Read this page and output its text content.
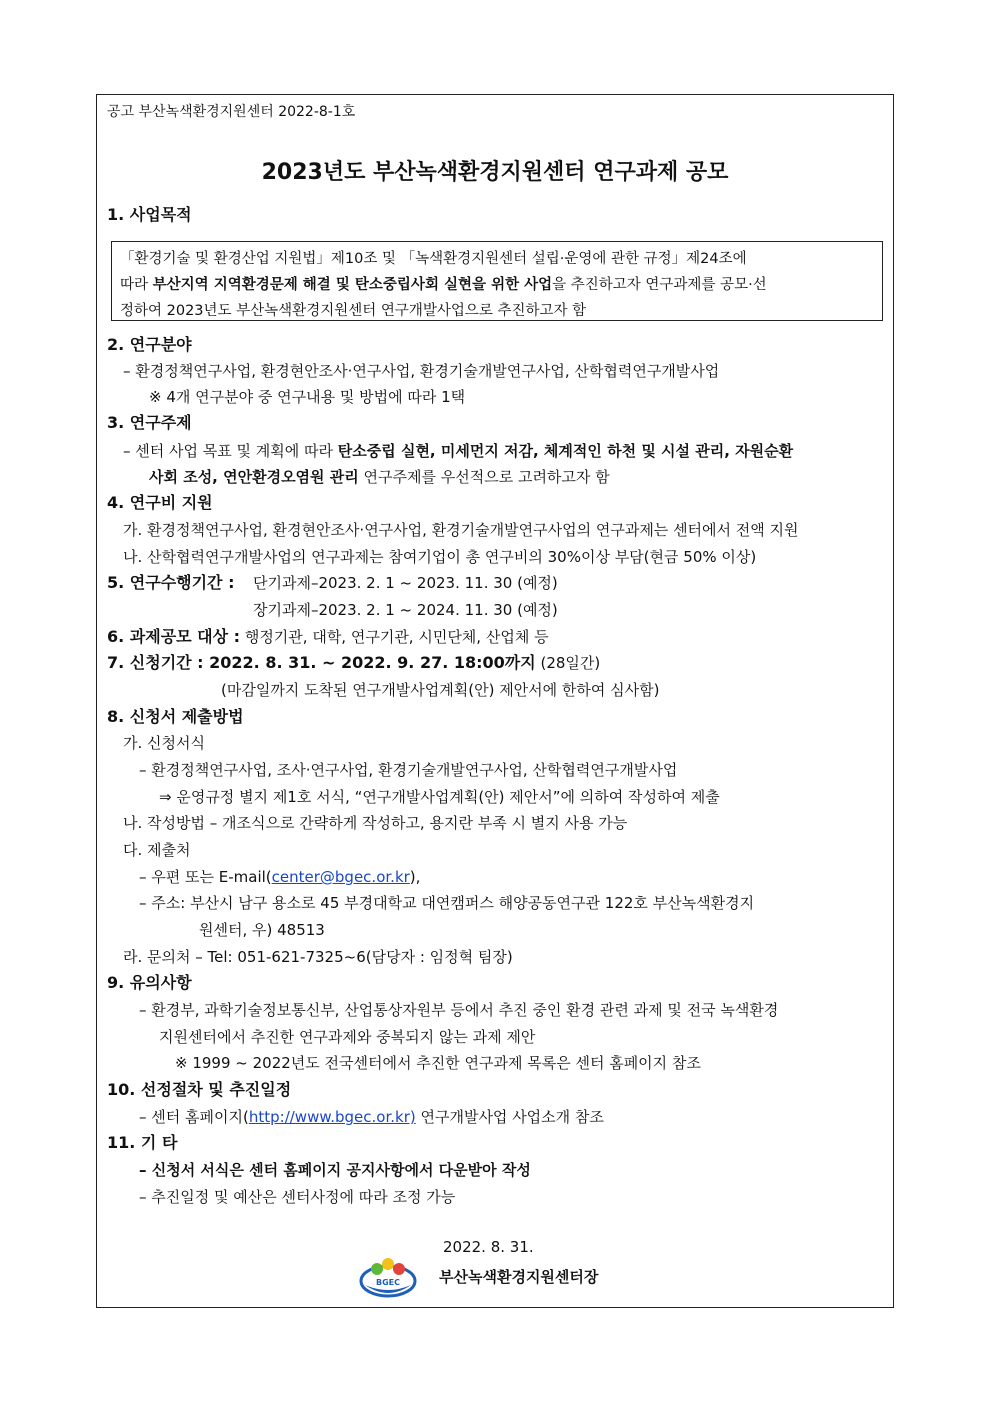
공고 부산녹색환경지원센터 2022-8-1호
2023년도 부산녹색환경지원센터 연구과제 공모
1. 사업목적
「환경기술 및 환경산업 지원법」제10조 및 「녹색환경지원센터 설립·운영에 관한 규정」제24조에
따라 부산지역 지역환경문제 해결 및 탄소중립사회 실현을 위한 사업을 추진하고자 연구과제를 공모·선
정하여 2023년도 부산녹색환경지원센터 연구개발사업으로 추진하고자 함
2. 연구분야
– 환경정책연구사업, 환경현안조사·연구사업, 환경기술개발연구사업, 산학협력연구개발사업
※ 4개 연구분야 중 연구내용 및 방법에 따라 1택
3. 연구주제
– 센터 사업 목표 및 계획에 따라 탄소중립 실현, 미세먼지 저감, 체계적인 하천 및 시설 관리, 자원순환
사회 조성, 연안환경오염원 관리 연구주제를 우선적으로 고려하고자 함
4. 연구비 지원
가. 환경정책연구사업, 환경현안조사·연구사업, 환경기술개발연구사업의 연구과제는 센터에서 전액 지원
나. 산학협력연구개발사업의 연구과제는 참여기업이 총 연구비의 30%이상 부담(현금 50% 이상)
5. 연구수행기간 : 단기과제–2023. 2. 1 ~ 2023. 11. 30 (예정)
장기과제–2023. 2. 1 ~ 2024. 11. 30 (예정)
6. 과제공모 대상 : 행정기관, 대학, 연구기관, 시민단체, 산업체 등
7. 신청기간 : 2022. 8. 31. ~ 2022. 9. 27. 18:00까지 (28일간)
(마감일까지 도착된 연구개발사업계획(안) 제안서에 한하여 심사함)
8. 신청서 제출방법
가. 신청서식
– 환경정책연구사업, 조사·연구사업, 환경기술개발연구사업, 산학협력연구개발사업
⇒ 운영규정 별지 제1호 서식, “연구개발사업계획(안) 제안서”에 의하여 작성하여 제출
나. 작성방법 – 개조식으로 간략하게 작성하고, 용지란 부족 시 별지 사용 가능
다. 제출처
– 우편 또는 E-mail(center@bgec.or.kr),
– 주소: 부산시 남구 용소로 45 부경대학교 대연캠퍼스 해양공동연구관 122호 부산녹색환경지
원센터, 우) 48513
라. 문의처 – Tel: 051-621-7325~6(담당자 : 임정혁 팀장)
9. 유의사항
– 환경부, 과학기술정보통신부, 산업통상자원부 등에서 추진 중인 환경 관련 과제 및 전국 녹색환경
지원센터에서 추진한 연구과제와 중복되지 않는 과제 제안
※ 1999 ~ 2022년도 전국센터에서 추진한 연구과제 목록은 센터 홈페이지 참조
10. 선정절차 및 추진일정
– 센터 홈페이지(http://www.bgec.or.kr) 연구개발사업 사업소개 참조
11. 기 타
– 신청서 서식은 센터 홈페이지 공지사항에서 다운받아 작성
– 추진일정 및 예산은 센터사정에 따라 조정 가능
2022. 8. 31.
BGEC	부산녹색환경지원센터장
